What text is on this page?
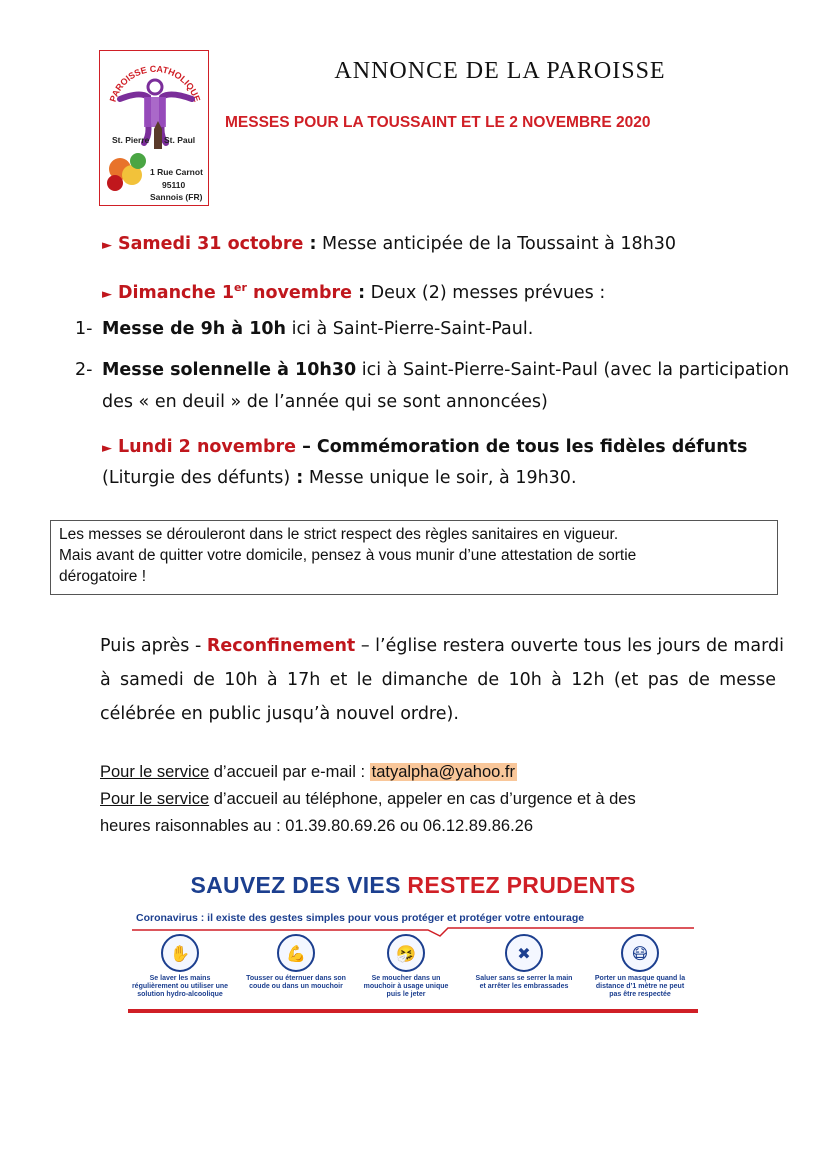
PAROISSE CATHOLIQUE
St. Pierre St. Paul
1 Rue Carnot
95110
Sannois (FR)
ANNONCE DE LA PAROISSE
MESSES POUR LA TOUSSAINT ET LE 2 NOVEMBRE 2020
► Samedi 31 octobre : Messe anticipée de la Toussaint à 18h30
► Dimanche 1er novembre : Deux (2) messes prévues :
1- Messe de 9h à 10h ici à Saint-Pierre-Saint-Paul.
2- Messe solennelle à 10h30 ici à Saint-Pierre-Saint-Paul (avec la participation
des « en deuil » de l’année qui se sont annoncées)
► Lundi 2 novembre – Commémoration de tous les fidèles défunts
(Liturgie des défunts) : Messe unique le soir, à 19h30.
Les messes se dérouleront dans le strict respect des règles sanitaires en vigueur.
Mais avant de quitter votre domicile, pensez à vous munir d’une attestation de sortie
dérogatoire !
Puis après - Reconfinement – l’église restera ouverte tous les jours de mardi
à samedi de 10h à 17h et le dimanche de 10h à 12h (et pas de messe
célébrée en public jusqu’à nouvel ordre).
Pour le service d’accueil par e-mail : tatyalpha@yahoo.fr
Pour le service d’accueil au téléphone, appeler en cas d’urgence et à des
heures raisonnables au : 01.39.80.69.26 ou 06.12.89.86.26
SAUVEZ DES VIES RESTEZ PRUDENTS
Coronavirus : il existe des gestes simples pour vous protéger et protéger votre entourage
✋
Se laver les mains régulièrement ou utiliser une solution hydro-alcoolique
💪
Tousser ou éternuer dans son coude ou dans un mouchoir
🤧
Se moucher dans un mouchoir à usage unique puis le jeter
✖
Saluer sans se serrer la main et arrêter les embrassades
😷
Porter un masque quand la distance d’1 mètre ne peut pas être respectée
